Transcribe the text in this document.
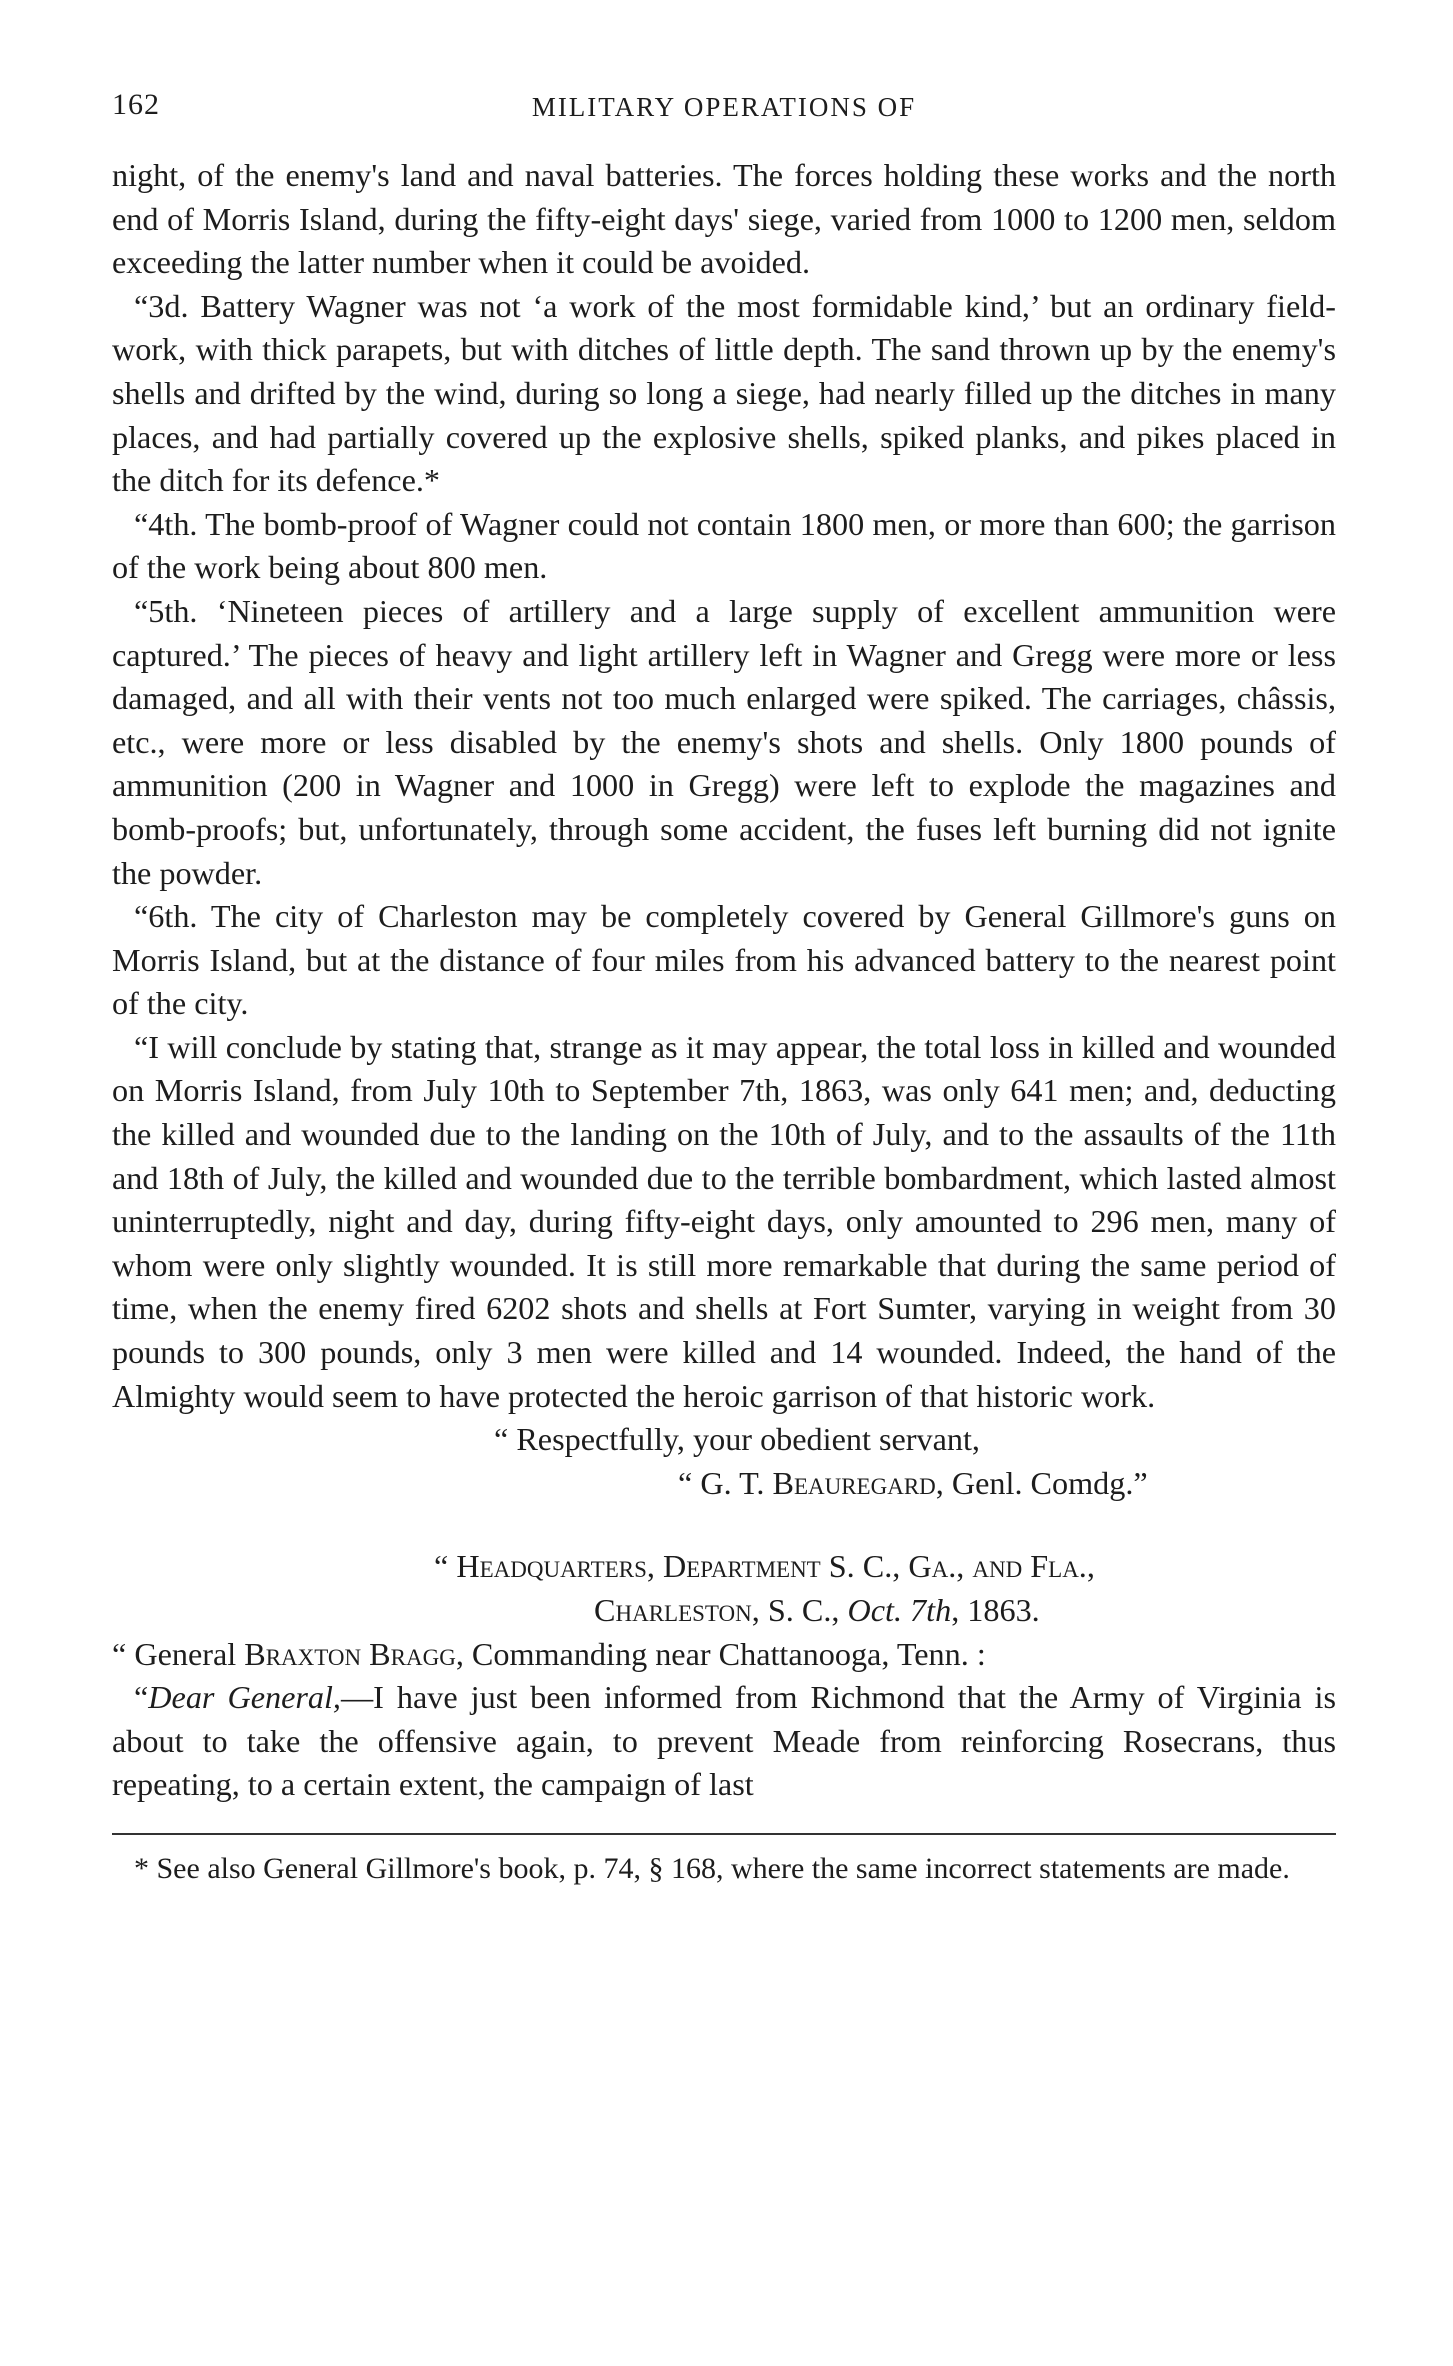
162	MILITARY OPERATIONS OF

night, of the enemy's land and naval batteries. The forces holding these works and the north end of Morris Island, during the fifty-eight days' siege, varied from 1000 to 1200 men, seldom exceeding the latter number when it could be avoided.

“3d. Battery Wagner was not ‘a work of the most formidable kind,’ but an ordinary field-work, with thick parapets, but with ditches of little depth. The sand thrown up by the enemy's shells and drifted by the wind, during so long a siege, had nearly filled up the ditches in many places, and had partially covered up the explosive shells, spiked planks, and pikes placed in the ditch for its defence.*

“4th. The bomb-proof of Wagner could not contain 1800 men, or more than 600; the garrison of the work being about 800 men.

“5th. ‘Nineteen pieces of artillery and a large supply of excellent ammunition were captured.’ The pieces of heavy and light artillery left in Wagner and Gregg were more or less damaged, and all with their vents not too much enlarged were spiked. The carriages, châssis, etc., were more or less disabled by the enemy's shots and shells. Only 1800 pounds of ammunition (200 in Wagner and 1000 in Gregg) were left to explode the magazines and bomb-proofs; but, unfortunately, through some accident, the fuses left burning did not ignite the powder.

“6th. The city of Charleston may be completely covered by General Gillmore's guns on Morris Island, but at the distance of four miles from his advanced battery to the nearest point of the city.

“I will conclude by stating that, strange as it may appear, the total loss in killed and wounded on Morris Island, from July 10th to September 7th, 1863, was only 641 men; and, deducting the killed and wounded due to the landing on the 10th of July, and to the assaults of the 11th and 18th of July, the killed and wounded due to the terrible bombardment, which lasted almost uninterruptedly, night and day, during fifty-eight days, only amounted to 296 men, many of whom were only slightly wounded. It is still more remarkable that during the same period of time, when the enemy fired 6202 shots and shells at Fort Sumter, varying in weight from 30 pounds to 300 pounds, only 3 men were killed and 14 wounded. Indeed, the hand of the Almighty would seem to have protected the heroic garrison of that historic work.

“ Respectfully, your obedient servant,

“ G. T. Beauregard, Genl. Comdg.”

“ Headquarters, Department S. C., Ga., and Fla.,

Charleston, S. C., Oct. 7th, 1863.

“ General Braxton Bragg, Commanding near Chattanooga, Tenn. :

“Dear General,—I have just been informed from Richmond that the Army of Virginia is about to take the offensive again, to prevent Meade from reinforcing Rosecrans, thus repeating, to a certain extent, the campaign of last

* See also General Gillmore's book, p. 74, § 168, where the same incorrect statements are made.
